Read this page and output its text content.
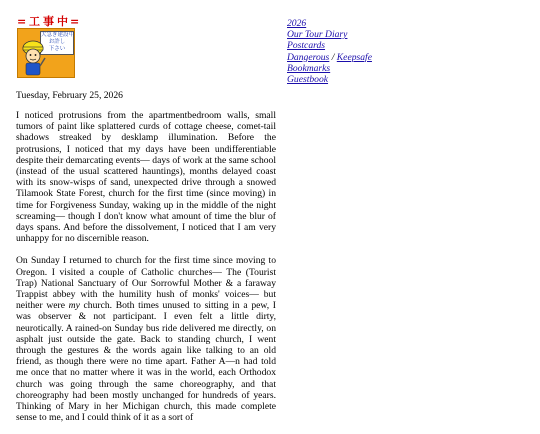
= 工 事 中 =
大急ぎ建設中
お許し
下さい
2026
Our Tour Diary
Postcards
Dangerous / Keepsafe
Bookmarks
Guestbook
Tuesday, February 25, 2026

I noticed protrusions from the apartmentbedroom walls, small tumors of paint like splattered curds of cottage cheese, comet-tail shadows streaked by desklamp illumination. Before the protrusions, I noticed that my days have been undifferentiable despite their demarcating events— days of work at the same school (instead of the usual scattered hauntings), months delayed coast with its snow-wisps of sand, unexpected drive through a snowed Tilamook State Forest, church for the first time (since moving) in time for Forgiveness Sunday, waking up in the middle of the night screaming— though I don't know what amount of time the blur of days spans. And before the dissolvement, I noticed that I am very unhappy for no discernible reason.

On Sunday I returned to church for the first time since moving to Oregon. I visited a couple of Catholic churches— The (Tourist Trap) National Sanctuary of Our Sorrowful Mother & a faraway Trappist abbey with the humility hush of monks' voices— but neither were my church. Both times unused to sitting in a pew, I was observer & not participant. I even felt a little dirty, neurotically. A rained-on Sunday bus ride delivered me directly, on asphalt just outside the gate. Back to standing church, I went through the gestures & the words again like talking to an old friend, as though there were no time apart. Father A—n had told me once that no matter where it was in the world, each Orthodox church was going through the same choreography, and that choreography had been mostly unchanged for hundreds of years. Thinking of Mary in her Michigan church, this made complete sense to me, and I could think of it as a sort of
